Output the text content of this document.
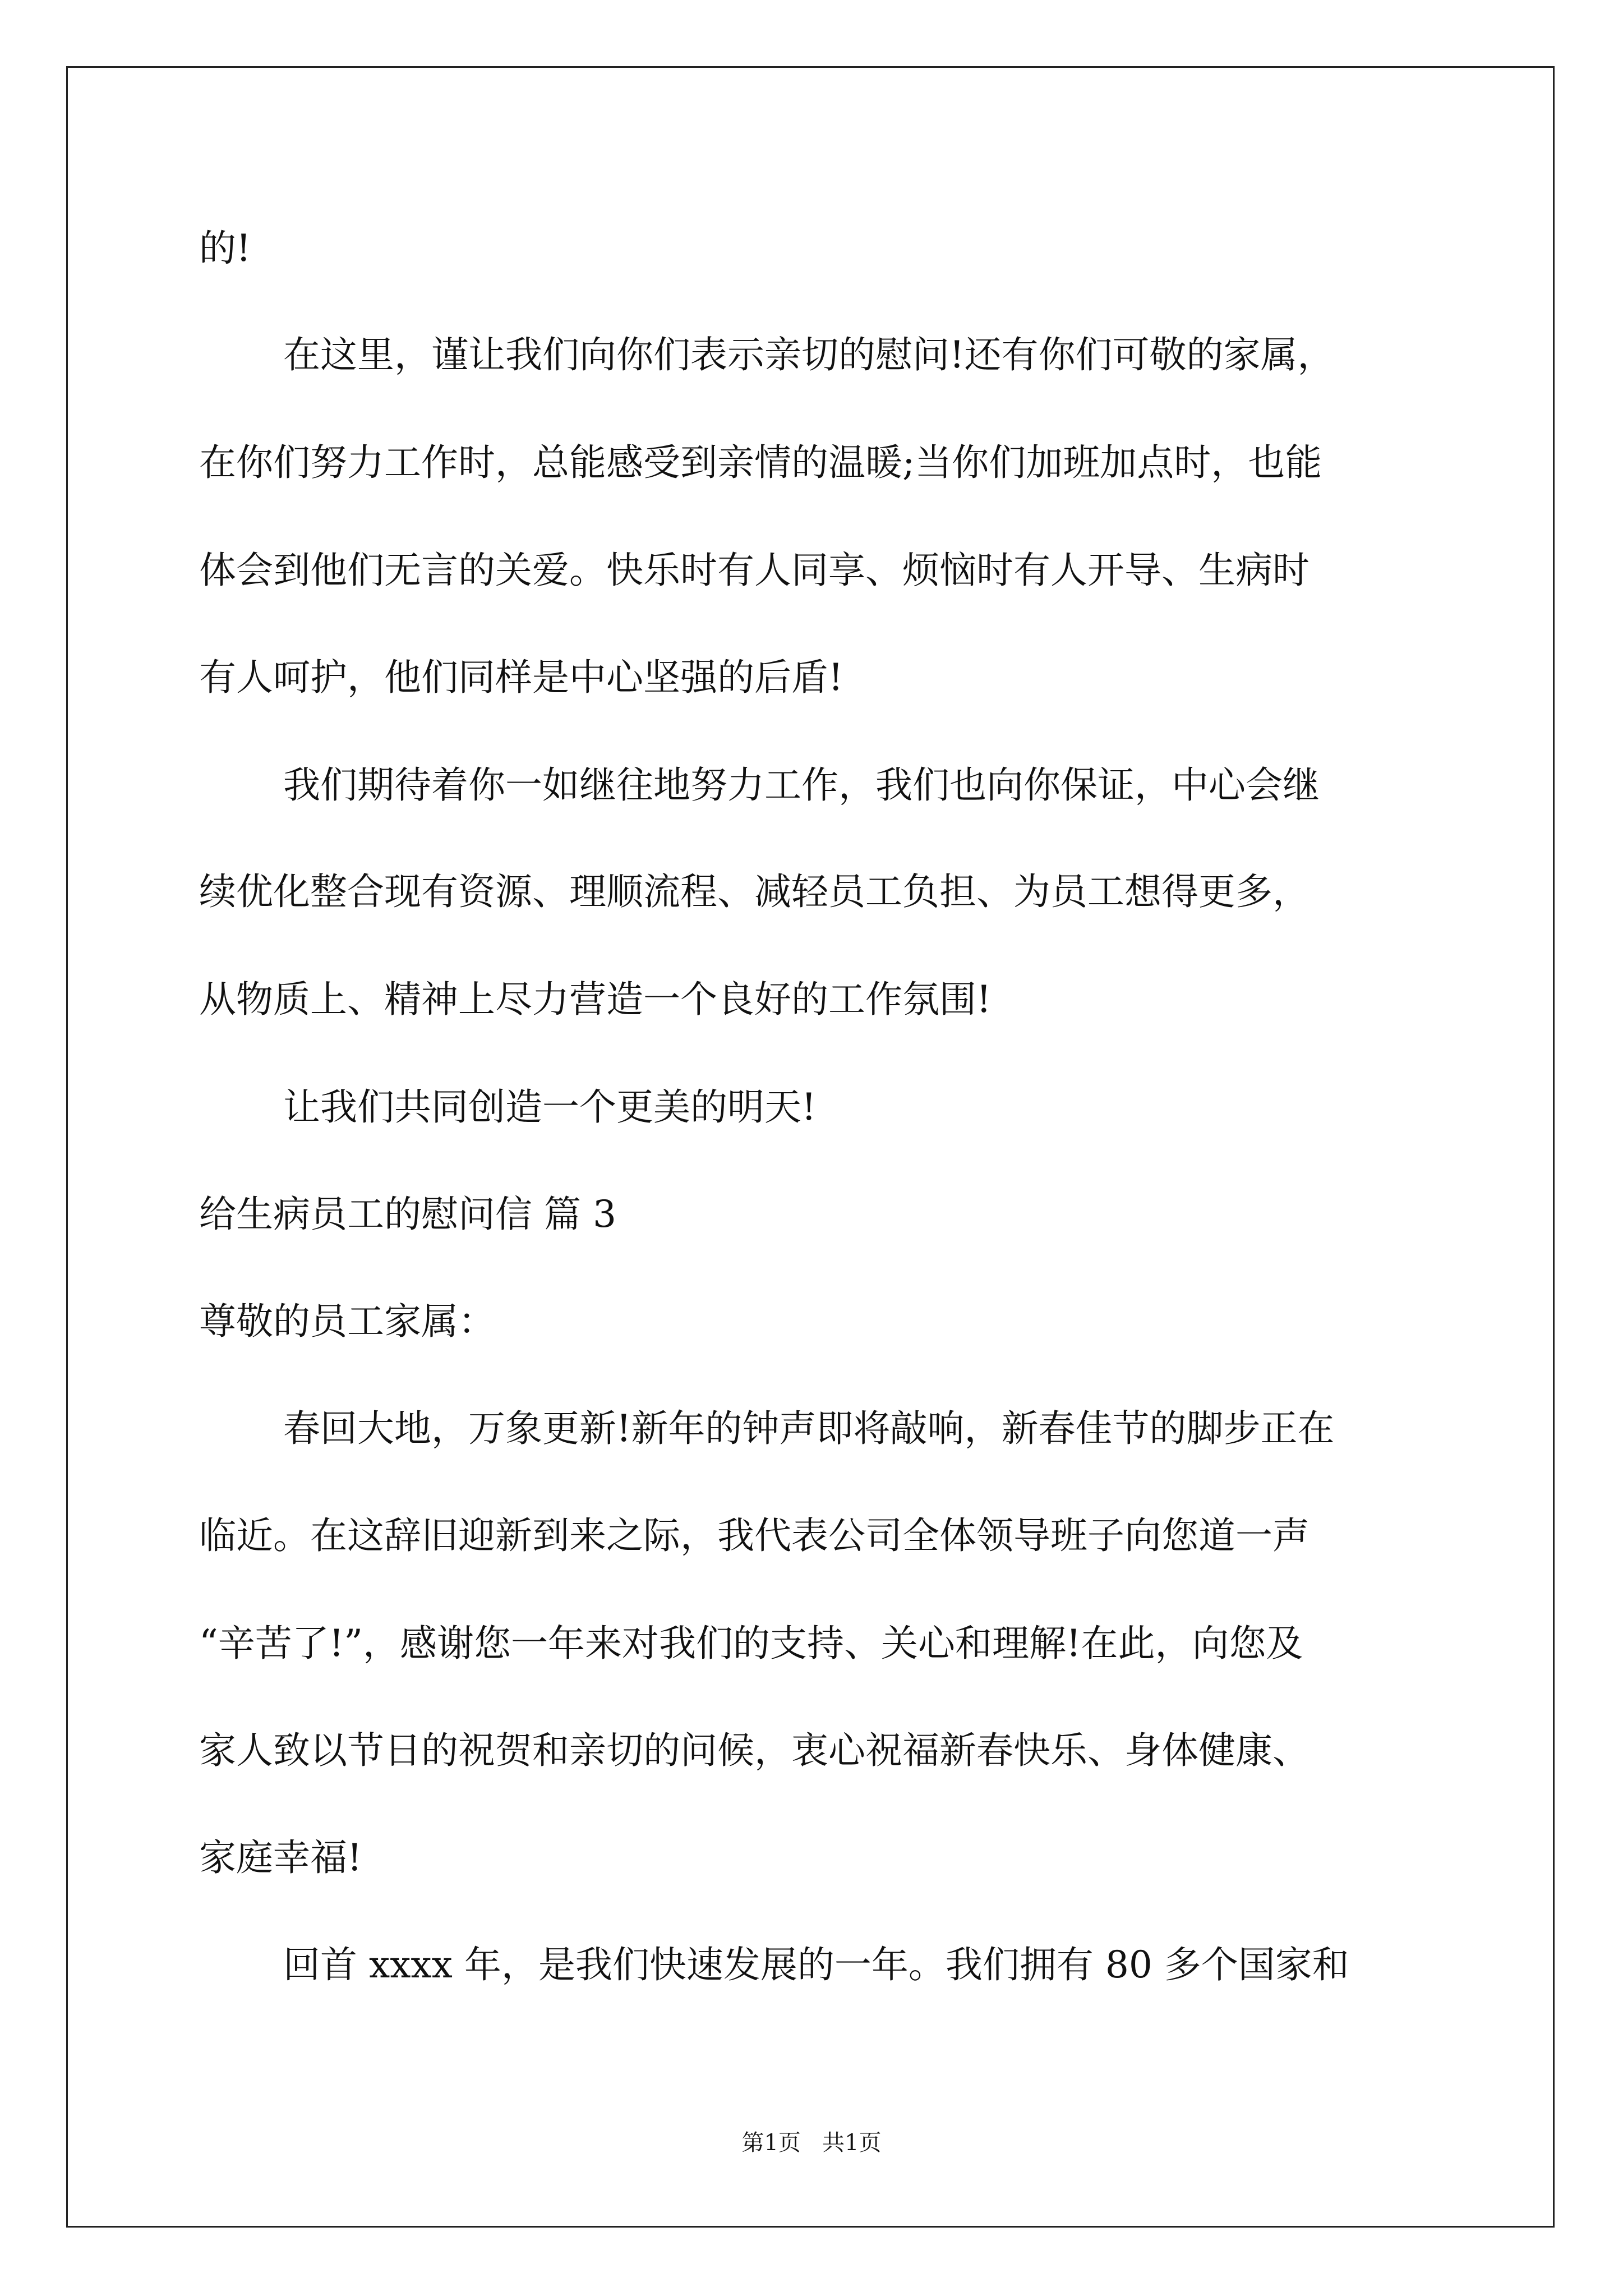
的!
在这里，谨让我们向你们表示亲切的慰问!还有你们可敬的家属，
在你们努力工作时，总能感受到亲情的温暖;当你们加班加点时，也能
体会到他们无言的关爱。快乐时有人同享、烦恼时有人开导、生病时
有人呵护，他们同样是中心坚强的后盾!
我们期待着你一如继往地努力工作，我们也向你保证，中心会继
续优化整合现有资源、理顺流程、减轻员工负担、为员工想得更多，
从物质上、精神上尽力营造一个良好的工作氛围!
让我们共同创造一个更美的明天!
给生病员工的慰问信 篇 3
尊敬的员工家属：
春回大地，万象更新!新年的钟声即将敲响，新春佳节的脚步正在
临近。在这辞旧迎新到来之际，我代表公司全体领导班子向您道一声
“辛苦了!”，感谢您一年来对我们的支持、关心和理解!在此，向您及
家人致以节日的祝贺和亲切的问候，衷心祝福新春快乐、身体健康、
家庭幸福!
回首 xxxx 年，是我们快速发展的一年。我们拥有 80 多个国家和
第1页   共1页
